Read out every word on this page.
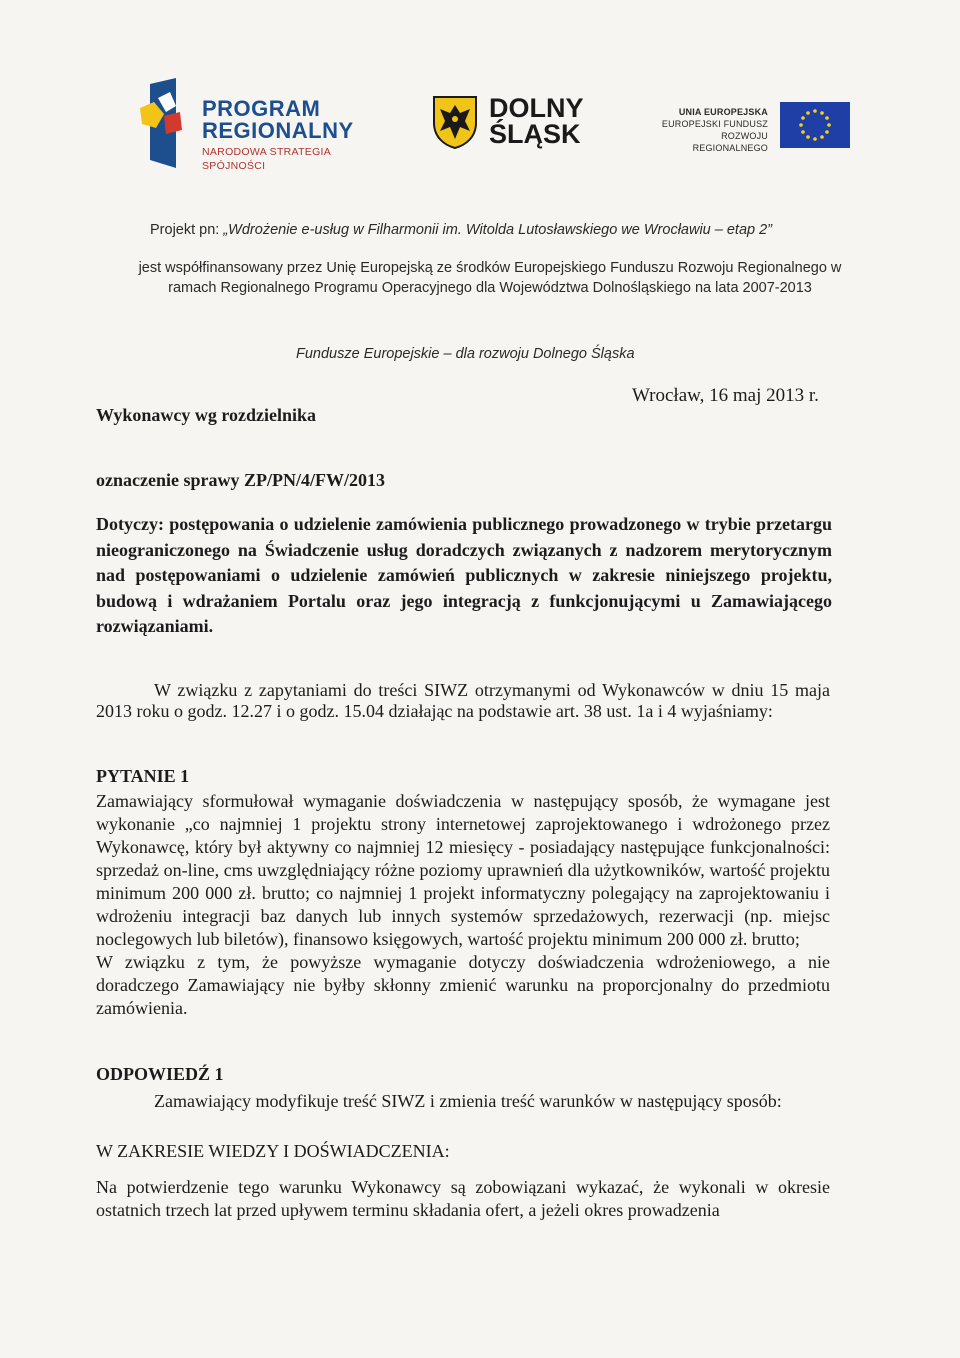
PROGRAM
REGIONALNY
NARODOWA STRATEGIA SPÓJNOŚCI
DOLNY
ŚLĄSK
UNIA EUROPEJSKA
EUROPEJSKI FUNDUSZ
ROZWOJU REGIONALNEGO
Projekt pn: „Wdrożenie e-usług w Filharmonii im. Witolda Lutosławskiego we Wrocławiu – etap 2”
jest współfinansowany przez Unię Europejską ze środków Europejskiego Funduszu Rozwoju Regionalnego w
ramach Regionalnego Programu Operacyjnego dla Województwa Dolnośląskiego na lata 2007-2013
Fundusze Europejskie – dla rozwoju Dolnego Śląska
Wrocław, 16 maj 2013 r.
Wykonawcy wg rozdzielnika
oznaczenie sprawy ZP/PN/4/FW/2013
Dotyczy: postępowania o udzielenie zamówienia publicznego prowadzonego w trybie przetargu nieograniczonego na Świadczenie usług doradczych związanych z nadzorem merytorycznym nad postępowaniami o udzielenie zamówień publicznych w zakresie niniejszego projektu, budową i wdrażaniem Portalu oraz jego integracją z funkcjonującymi u Zamawiającego rozwiązaniami.
W związku z zapytaniami do treści SIWZ otrzymanymi od Wykonawców w dniu 15 maja 2013 roku o godz. 12.27 i o godz. 15.04 działając na podstawie art. 38 ust. 1a i 4 wyjaśniamy:
PYTANIE 1

Zamawiający sformułował wymaganie doświadczenia w następujący sposób, że wymagane jest wykonanie „co najmniej 1 projektu strony internetowej zaprojektowanego i wdrożonego przez Wykonawcę, który był aktywny co najmniej 12 miesięcy - posiadający następujące funkcjonalności: sprzedaż on-line, cms uwzględniający różne poziomy uprawnień dla użytkowników, wartość projektu minimum 200 000 zł. brutto; co najmniej 1 projekt informatyczny polegający na zaprojektowaniu i wdrożeniu integracji baz danych lub innych systemów sprzedażowych, rezerwacji (np. miejsc noclegowych lub biletów), finansowo księgowych, wartość projektu minimum 200 000 zł. brutto;

W związku z tym, że powyższe wymaganie dotyczy doświadczenia wdrożeniowego, a nie doradczego Zamawiający nie byłby skłonny zmienić warunku na proporcjonalny do przedmiotu zamówienia.

ODPOWIEDŹ 1
Zamawiający modyfikuje treść SIWZ i zmienia treść warunków w następujący sposób:
W ZAKRESIE WIEDZY I DOŚWIADCZENIA:
Na potwierdzenie tego warunku Wykonawcy są zobowiązani wykazać, że wykonali w okresie ostatnich trzech lat przed upływem terminu składania ofert, a jeżeli okres prowadzenia
